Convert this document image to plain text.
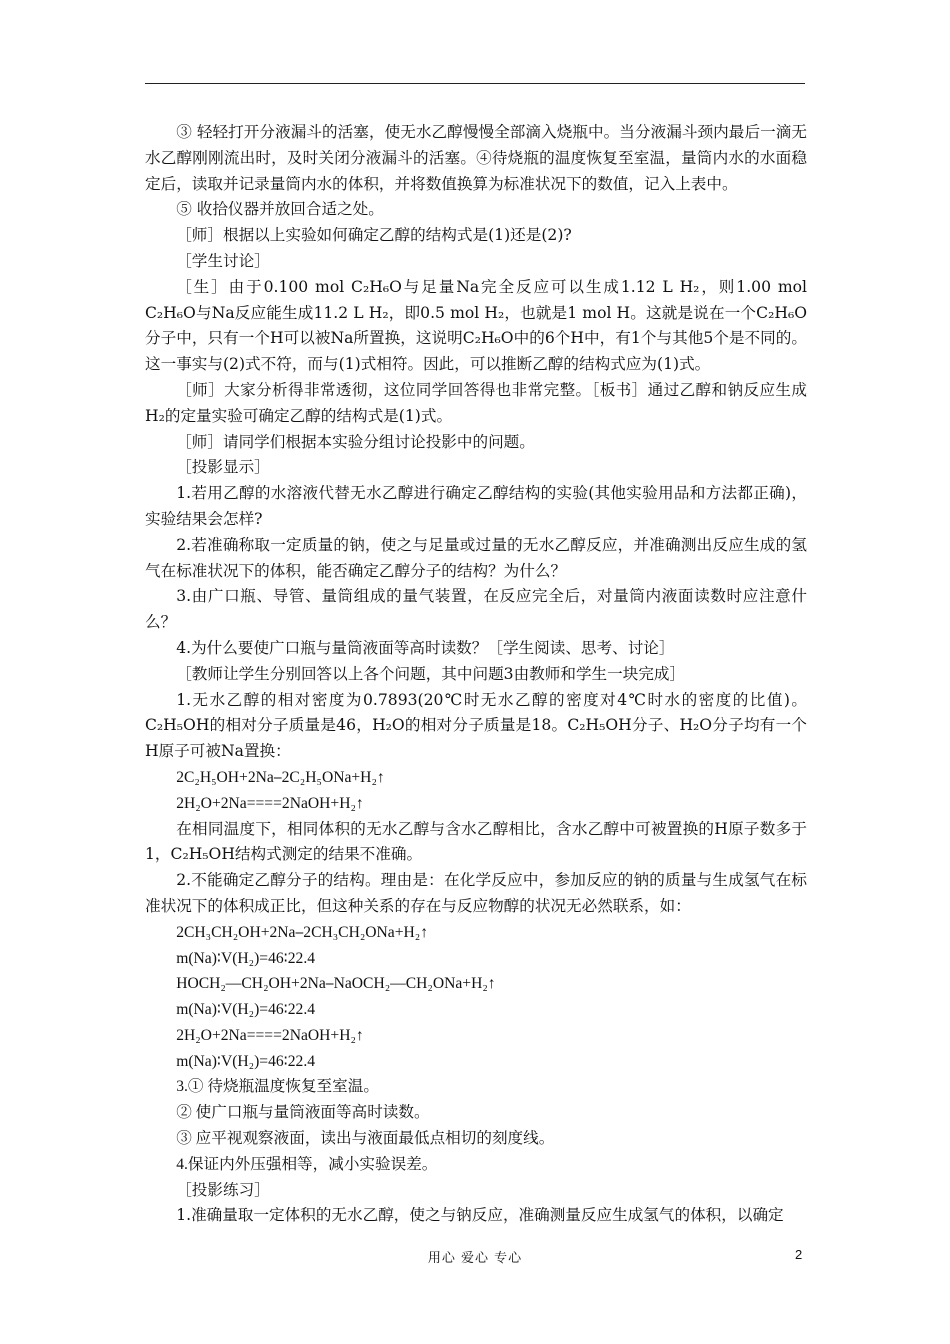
③ 轻轻打开分液漏斗的活塞，使无水乙醇慢慢全部滴入烧瓶中。当分液漏斗颈内最后一滴无水乙醇刚刚流出时，及时关闭分液漏斗的活塞。④待烧瓶的温度恢复至室温，量筒内水的水面稳定后，读取并记录量筒内水的体积，并将数值换算为标准状况下的数值，记入上表中。

⑤ 收拾仪器并放回合适之处。

［师］根据以上实验如何确定乙醇的结构式是(1)还是(2)?

［学生讨论］

［生］由于0.100 mol C₂H₆O与足量Na完全反应可以生成1.12 L H₂，则1.00 mol C₂H₆O与Na反应能生成11.2 L H₂，即0.5 mol H₂，也就是1 mol H。这就是说在一个C₂H₆O分子中，只有一个H可以被Na所置换，这说明C₂H₆O中的6个H中，有1个与其他5个是不同的。这一事实与(2)式不符，而与(1)式相符。因此，可以推断乙醇的结构式应为(1)式。

［师］大家分析得非常透彻，这位同学回答得也非常完整。［板书］通过乙醇和钠反应生成H₂的定量实验可确定乙醇的结构式是(1)式。

［师］请同学们根据本实验分组讨论投影中的问题。

［投影显示］

1.若用乙醇的水溶液代替无水乙醇进行确定乙醇结构的实验(其他实验用品和方法都正确)，实验结果会怎样?

2.若准确称取一定质量的钠，使之与足量或过量的无水乙醇反应，并准确测出反应生成的氢气在标准状况下的体积，能否确定乙醇分子的结构？为什么？

3.由广口瓶、导管、量筒组成的量气装置，在反应完全后，对量筒内液面读数时应注意什么？

4.为什么要使广口瓶与量筒液面等高时读数？［学生阅读、思考、讨论］

［教师让学生分别回答以上各个问题，其中问题3由教师和学生一块完成］

1.无水乙醇的相对密度为0.7893(20℃时无水乙醇的密度对4℃时水的密度的比值)。C₂H₅OH的相对分子质量是46，H₂O的相对分子质量是18。C₂H₅OH分子、H₂O分子均有一个H原子可被Na置换：

2C₂H₅OH+2Na⎯2C₂H₅ONa+H₂↑

2H₂O+2Na====2NaOH+H₂↑

在相同温度下，相同体积的无水乙醇与含水乙醇相比，含水乙醇中可被置换的H原子数多于1，C₂H₅OH结构式测定的结果不准确。

2.不能确定乙醇分子的结构。理由是：在化学反应中，参加反应的钠的质量与生成氢气在标准状况下的体积成正比，但这种关系的存在与反应物醇的状况无必然联系，如：

2CH₃CH₂OH+2Na⎯2CH₃CH₂ONa+H₂↑

m(Na)∶V(H₂)=46∶22.4

HOCH₂—CH₂OH+2Na⎯NaOCH₂—CH₂ONa+H₂↑

m(Na)∶V(H₂)=46∶22.4

2H₂O+2Na====2NaOH+H₂↑

m(Na)∶V(H₂)=46∶22.4

3.① 待烧瓶温度恢复至室温。

② 使广口瓶与量筒液面等高时读数。

③ 应平视观察液面，读出与液面最低点相切的刻度线。

4.保证内外压强相等，减小实验误差。

［投影练习］

1.准确量取一定体积的无水乙醇，使之与钠反应，准确测量反应生成氢气的体积，以确定

用心 爱心 专心	2
